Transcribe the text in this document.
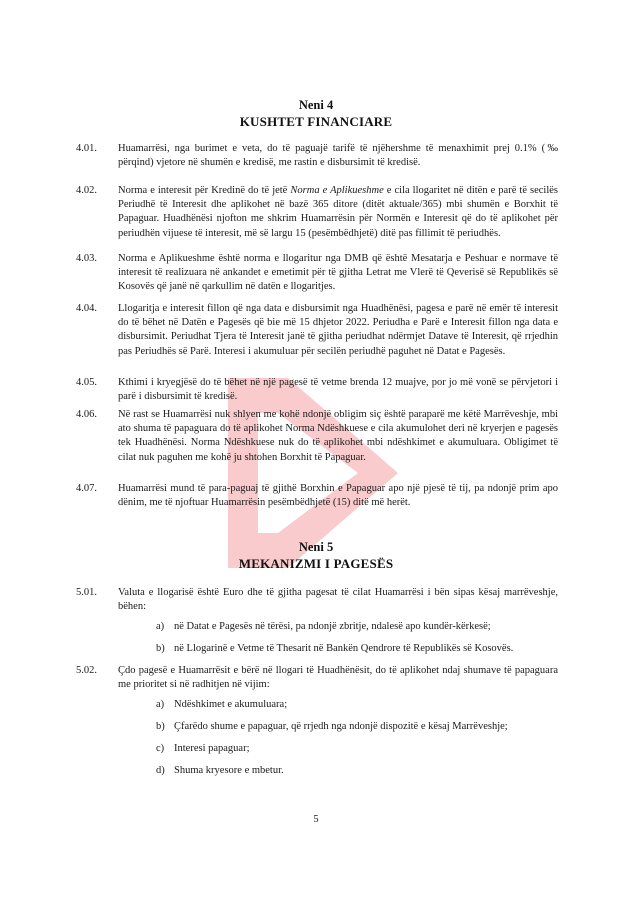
Neni 4
KUSHTET FINANCIARE
4.01. Huamarrësi, nga burimet e veta, do të paguajë tarifë të njëhershme të menaxhimit prej 0.1% (‰ përqind) vjetore në shumën e kredisë, me rastin e disbursimit të kredisë.
4.02. Norma e interesit për Kredinë do të jetë Norma e Aplikueshme e cila llogaritet në ditën e parë të secilës Periudhë të Interesit dhe aplikohet në bazë 365 ditore (ditët aktuale/365) mbi shumën e Borxhit të Papaguar. Huadhënësi njofton me shkrim Huamarrësin për Normën e Interesit që do të aplikohet për periudhën vijuese të interesit, më së largu 15 (pesëmbëdhjetë) ditë pas fillimit të periudhës.
4.03. Norma e Aplikueshme është norma e llogaritur nga DMB që është Mesatarja e Peshuar e normave të interesit të realizuara në ankandet e emetimit për të gjitha Letrat me Vlerë të Qeverisë së Republikës së Kosovës që janë në qarkullim në datën e llogaritjes.
4.04. Llogaritja e interesit fillon që nga data e disbursimit nga Huadhënësi, pagesa e parë në emër të interesit do të bëhet në Datën e Pagesës që bie më 15 dhjetor 2022. Periudha e Parë e Interesit fillon nga data e disbursimit. Periudhat Tjera të Interesit janë të gjitha periudhat ndërmjet Datave të Interesit, që rrjedhin pas Periudhës së Parë. Interesi i akumuluar për secilën periudhë paguhet në Datat e Pagesës.
4.05. Kthimi i kryegjësë do të bëhet në një pagesë të vetme brenda 12 muajve, por jo më vonë se përvjetori i parë i disbursimit të kredisë.
4.06. Në rast se Huamarrësi nuk shlyen me kohë ndonjë obligim siç është paraparë me këtë Marrëveshje, mbi ato shuma të papaguara do të aplikohet Norma Ndëshkuese e cila akumulohet deri në kryerjen e pagesës tek Huadhënësi. Norma Ndëshkuese nuk do të aplikohet mbi ndëshkimet e akumuluara. Obligimet të cilat nuk paguhen me kohë ju shtohen Borxhit të Papaguar.
4.07. Huamarrësi mund të para-paguaj të gjithë Borxhin e Papaguar apo një pjesë të tij, pa ndonjë prim apo dënim, me të njoftuar Huamarrësin pesëmbëdhjetë (15) ditë më herët.
Neni 5
MEKANIZMI I PAGESËS
5.01. Valuta e llogarisë është Euro dhe të gjitha pagesat të cilat Huamarrësi i bën sipas kësaj marrëveshje, bëhen:
a) në Datat e Pagesës në tërësi, pa ndonjë zbritje, ndalesë apo kundër-kërkesë;
b) në Llogarinë e Vetme të Thesarit në Bankën Qendrore të Republikës së Kosovës.
5.02. Çdo pagesë e Huamarrësit e bërë në llogari të Huadhënësit, do të aplikohet ndaj shumave të papaguara me prioritet si në radhitjen në vijim:
a) Ndëshkimet e akumuluara;
b) Çfarëdo shume e papaguar, që rrjedh nga ndonjë dispozitë e kësaj Marrëveshje;
c) Interesi papaguar;
d) Shuma kryesore e mbetur.
5
